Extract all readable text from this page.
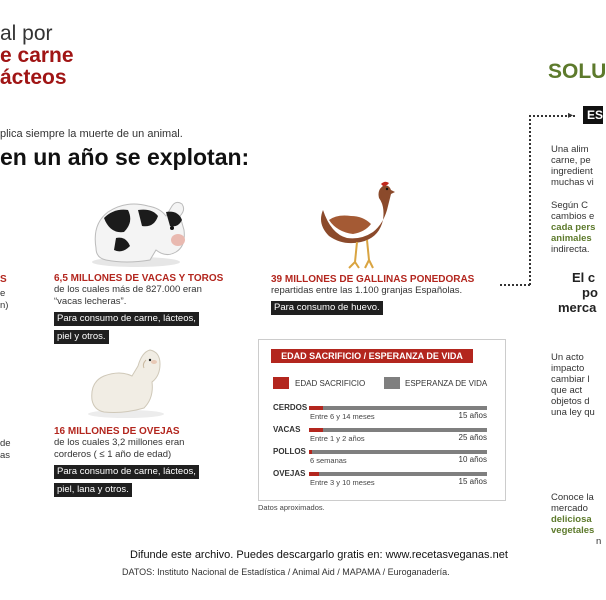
al por
e carne
ácteos
plica siempre la muerte de un animal.
en un año se explotan:
S
e
n)
de
as
6,5 MILLONES DE VACAS Y TOROS
de los cuales más de 827.000 eran
“vacas lecheras”.
Para consumo de carne, lácteos,
piel y otros.
39 MILLONES DE GALLINAS PONEDORAS
repartidas entre las 1.100 granjas Españolas.
Para consumo de huevo.
16 MILLONES DE OVEJAS
de los cuales 3,2 millones eran
corderos ( ≤ 1 año de edad)
Para consumo de carne, lácteos,
piel, lana y otros.
EDAD SACRIFICIO / ESPERANZA DE VIDA
EDAD SACRIFICIO	ESPERANZA DE VIDA
CERDOS
Entre 6 y 14 meses	15 años
VACAS
Entre 1 y 2 años	25 años
POLLOS
6 semanas	10 años
OVEJAS
Entre 3 y 10 meses	15 años
Datos aproximados.
Difunde este archivo. Puedes descargarlo gratis en: www.recetasveganas.net
DATOS: Instituto Nacional de Estadística / Animal Aid / MAPAMA / Euroganadería.
SOLU
▸ ES
Una alim
carne, pe
ingredient
muchas vi
Según C
cambios e
cada pers
animales
indirecta.
El c
po
merca
Un acto
impacto
cambiar l
que act
objetos d
una ley qu
Conoce la
mercado
deliciosa
vegetales
n
